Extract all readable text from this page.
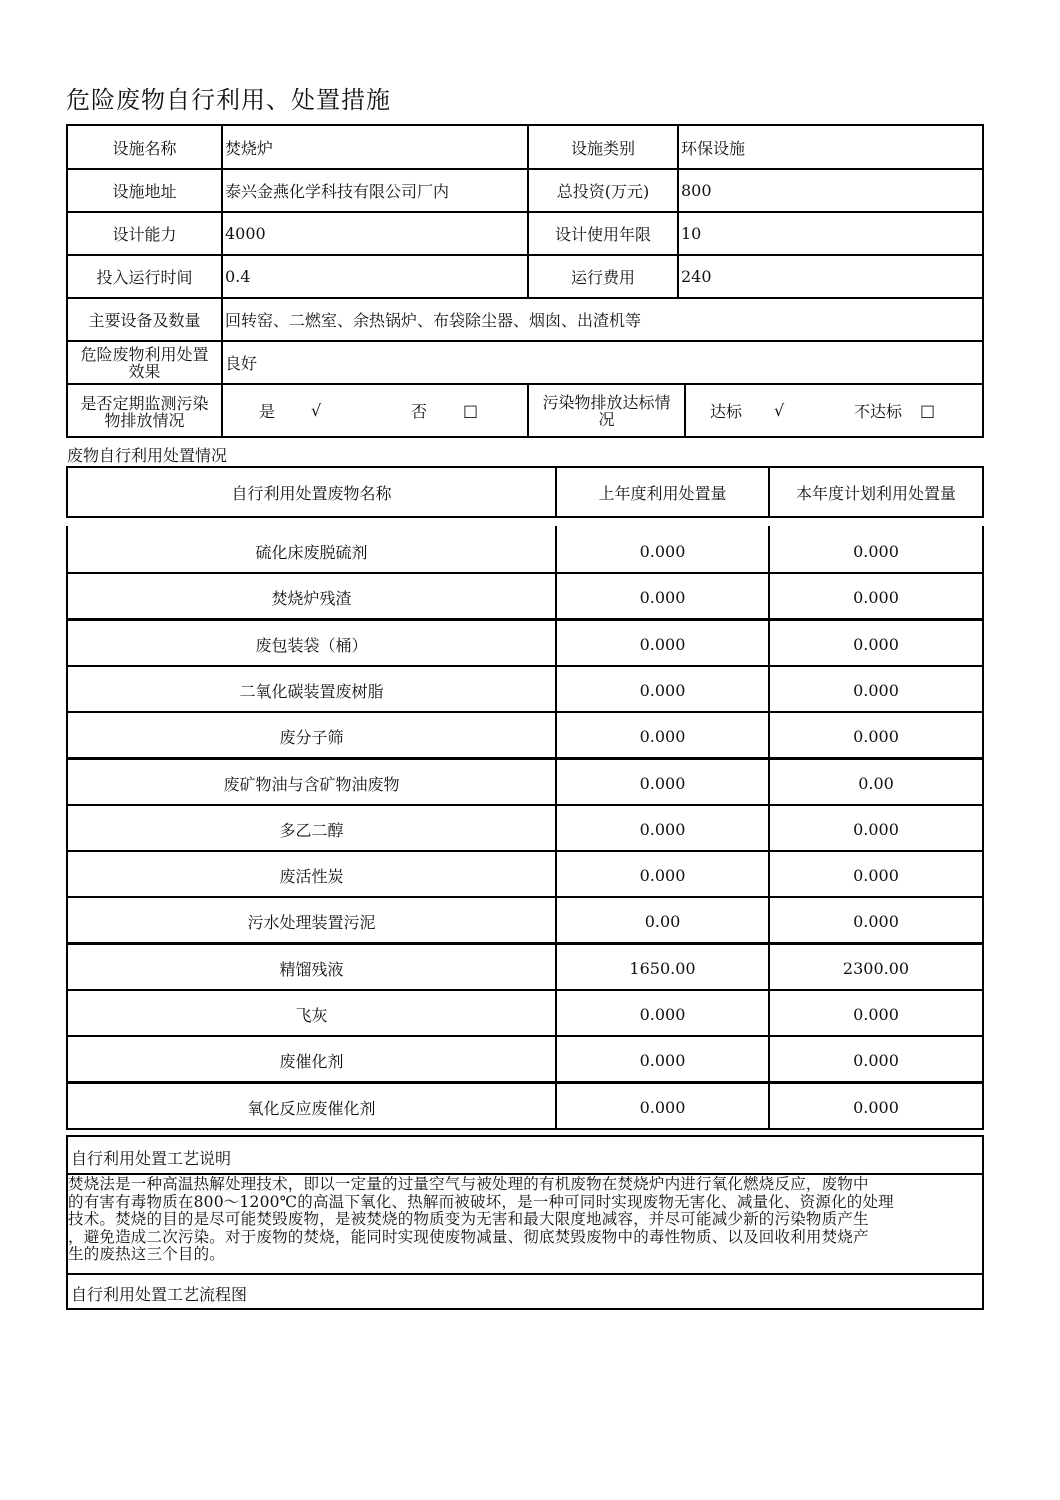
危险废物自行利用、处置措施
设施名称	焚烧炉	设施类别	环保设施
设施地址	泰兴金燕化学科技有限公司厂内	总投资(万元)	800
设计能力	4000	设计使用年限	10
投入运行时间	0.4	运行费用	240
主要设备及数量	回转窑、二燃室、余热锅炉、布袋除尘器、烟囱、出渣机等
危险废物利用处置
效果	良好
是否定期监测污染
物排放情况	是 √	否 □	污染物排放达标情
况	达标 √	不达标 □
废物自行利用处置情况
自行利用处置废物名称	上年度利用处置量	本年度计划利用处置量
硫化床废脱硫剂	0.000	0.000
焚烧炉残渣	0.000	0.000
废包装袋（桶）	0.000	0.000
二氧化碳装置废树脂	0.000	0.000
废分子筛	0.000	0.000
废矿物油与含矿物油废物	0.000	0.00
多乙二醇	0.000	0.000
废活性炭	0.000	0.000
污水处理装置污泥	0.00	0.000
精馏残液	1650.00	2300.00
飞灰	0.000	0.000
废催化剂	0.000	0.000
氧化反应废催化剂	0.000	0.000
自行利用处置工艺说明
焚烧法是一种高温热解处理技术，即以一定量的过量空气与被处理的有机废物在焚烧炉内进行氧化燃烧反应，废物中
的有害有毒物质在800～1200℃的高温下氧化、热解而被破坏，是一种可同时实现废物无害化、减量化、资源化的处理
技术。焚烧的目的是尽可能焚毁废物，是被焚烧的物质变为无害和最大限度地减容，并尽可能减少新的污染物质产生
，避免造成二次污染。对于废物的焚烧，能同时实现使废物减量、彻底焚毁废物中的毒性物质、以及回收利用焚烧产
生的废热这三个目的。
自行利用处置工艺流程图
